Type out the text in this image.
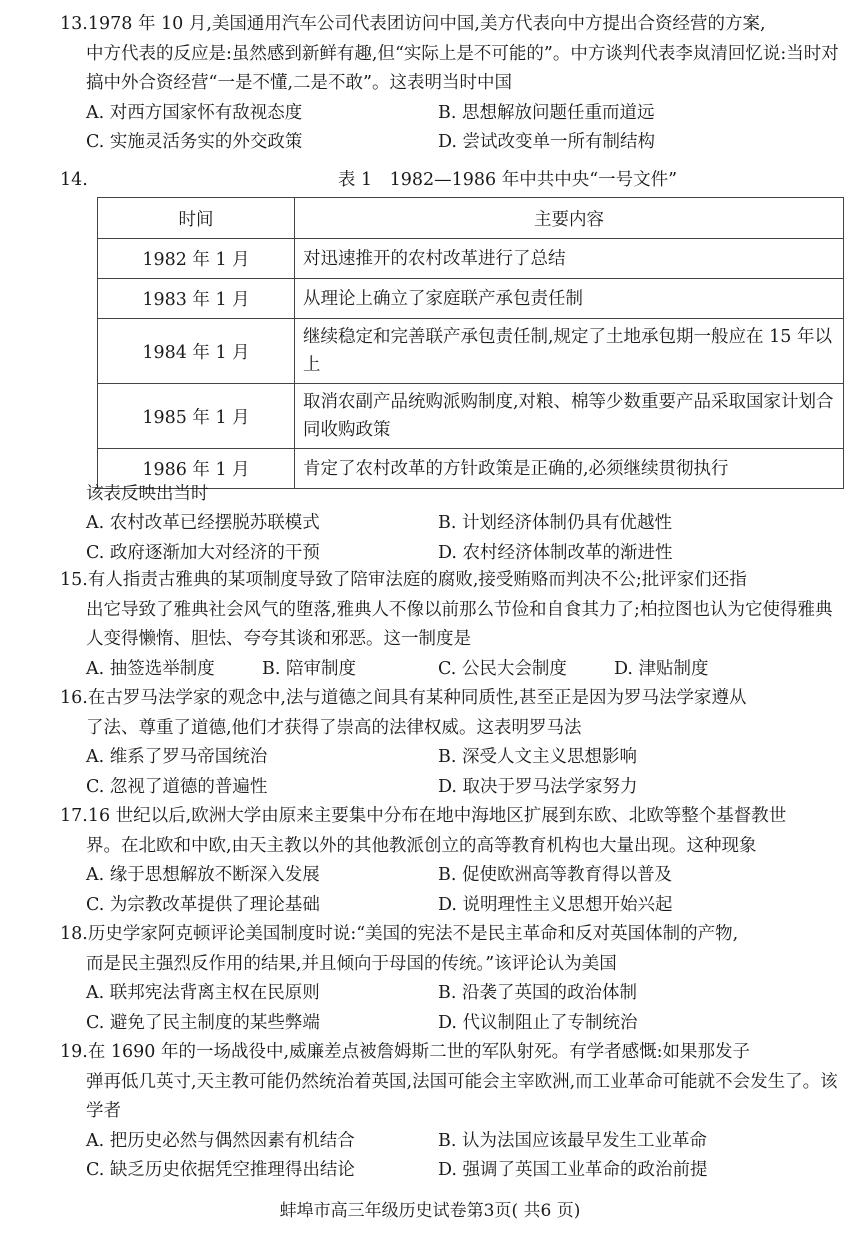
13.1978 年 10 月,美国通用汽车公司代表团访问中国,美方代表向中方提出合资经营的方案,
中方代表的反应是:虽然感到新鲜有趣,但“实际上是不可能的”。中方谈判代表李岚清回忆说:当时对搞中外合资经营“一是不懂,二是不敢”。这表明当时中国

A. 对西方国家怀有敌视态度	B. 思想解放问题任重而道远
C. 实施灵活务实的外交政策	D. 尝试改变单一所有制结构
14.	表 1　1982—1986 年中共中央“一号文件”
时间	主要内容
1982 年 1 月	对迅速推开的农村改革进行了总结
1983 年 1 月	从理论上确立了家庭联产承包责任制
1984 年 1 月	继续稳定和完善联产承包责任制,规定了土地承包期一般应在 15 年以上
1985 年 1 月	取消农副产品统购派购制度,对粮、棉等少数重要产品采取国家计划合同收购政策
1986 年 1 月	肯定了农村改革的方针政策是正确的,必须继续贯彻执行
该表反映出当时
A. 农村改革已经摆脱苏联模式	B. 计划经济体制仍具有优越性
C. 政府逐渐加大对经济的干预	D. 农村经济体制改革的渐进性

15.有人指责古雅典的某项制度导致了陪审法庭的腐败,接受贿赂而判决不公;批评家们还指
出它导致了雅典社会风气的堕落,雅典人不像以前那么节俭和自食其力了;柏拉图也认为它使得雅典人变得懒惰、胆怯、夸夸其谈和邪恶。这一制度是

A. 抽签选举制度	B. 陪审制度	C. 公民大会制度	D. 津贴制度

16.在古罗马法学家的观念中,法与道德之间具有某种同质性,甚至正是因为罗马法学家遵从
了法、尊重了道德,他们才获得了崇高的法律权威。这表明罗马法

A. 维系了罗马帝国统治	B. 深受人文主义思想影响
C. 忽视了道德的普遍性	D. 取决于罗马法学家努力

17.16 世纪以后,欧洲大学由原来主要集中分布在地中海地区扩展到东欧、北欧等整个基督教世
界。在北欧和中欧,由天主教以外的其他教派创立的高等教育机构也大量出现。这种现象

A. 缘于思想解放不断深入发展	B. 促使欧洲高等教育得以普及
C. 为宗教改革提供了理论基础	D. 说明理性主义思想开始兴起

18.历史学家阿克顿评论美国制度时说:“美国的宪法不是民主革命和反对英国体制的产物,
而是民主强烈反作用的结果,并且倾向于母国的传统。”该评论认为美国

A. 联邦宪法背离主权在民原则	B. 沿袭了英国的政治体制
C. 避免了民主制度的某些弊端	D. 代议制阻止了专制统治

19.在 1690 年的一场战役中,威廉差点被詹姆斯二世的军队射死。有学者感慨:如果那发子
弹再低几英寸,天主教可能仍然统治着英国,法国可能会主宰欧洲,而工业革命可能就不会发生了。该学者

A. 把历史必然与偶然因素有机结合	B. 认为法国应该最早发生工业革命
C. 缺乏历史依据凭空推理得出结论	D. 强调了英国工业革命的政治前提
蚌埠市高三年级历史试卷第3页( 共6 页)
